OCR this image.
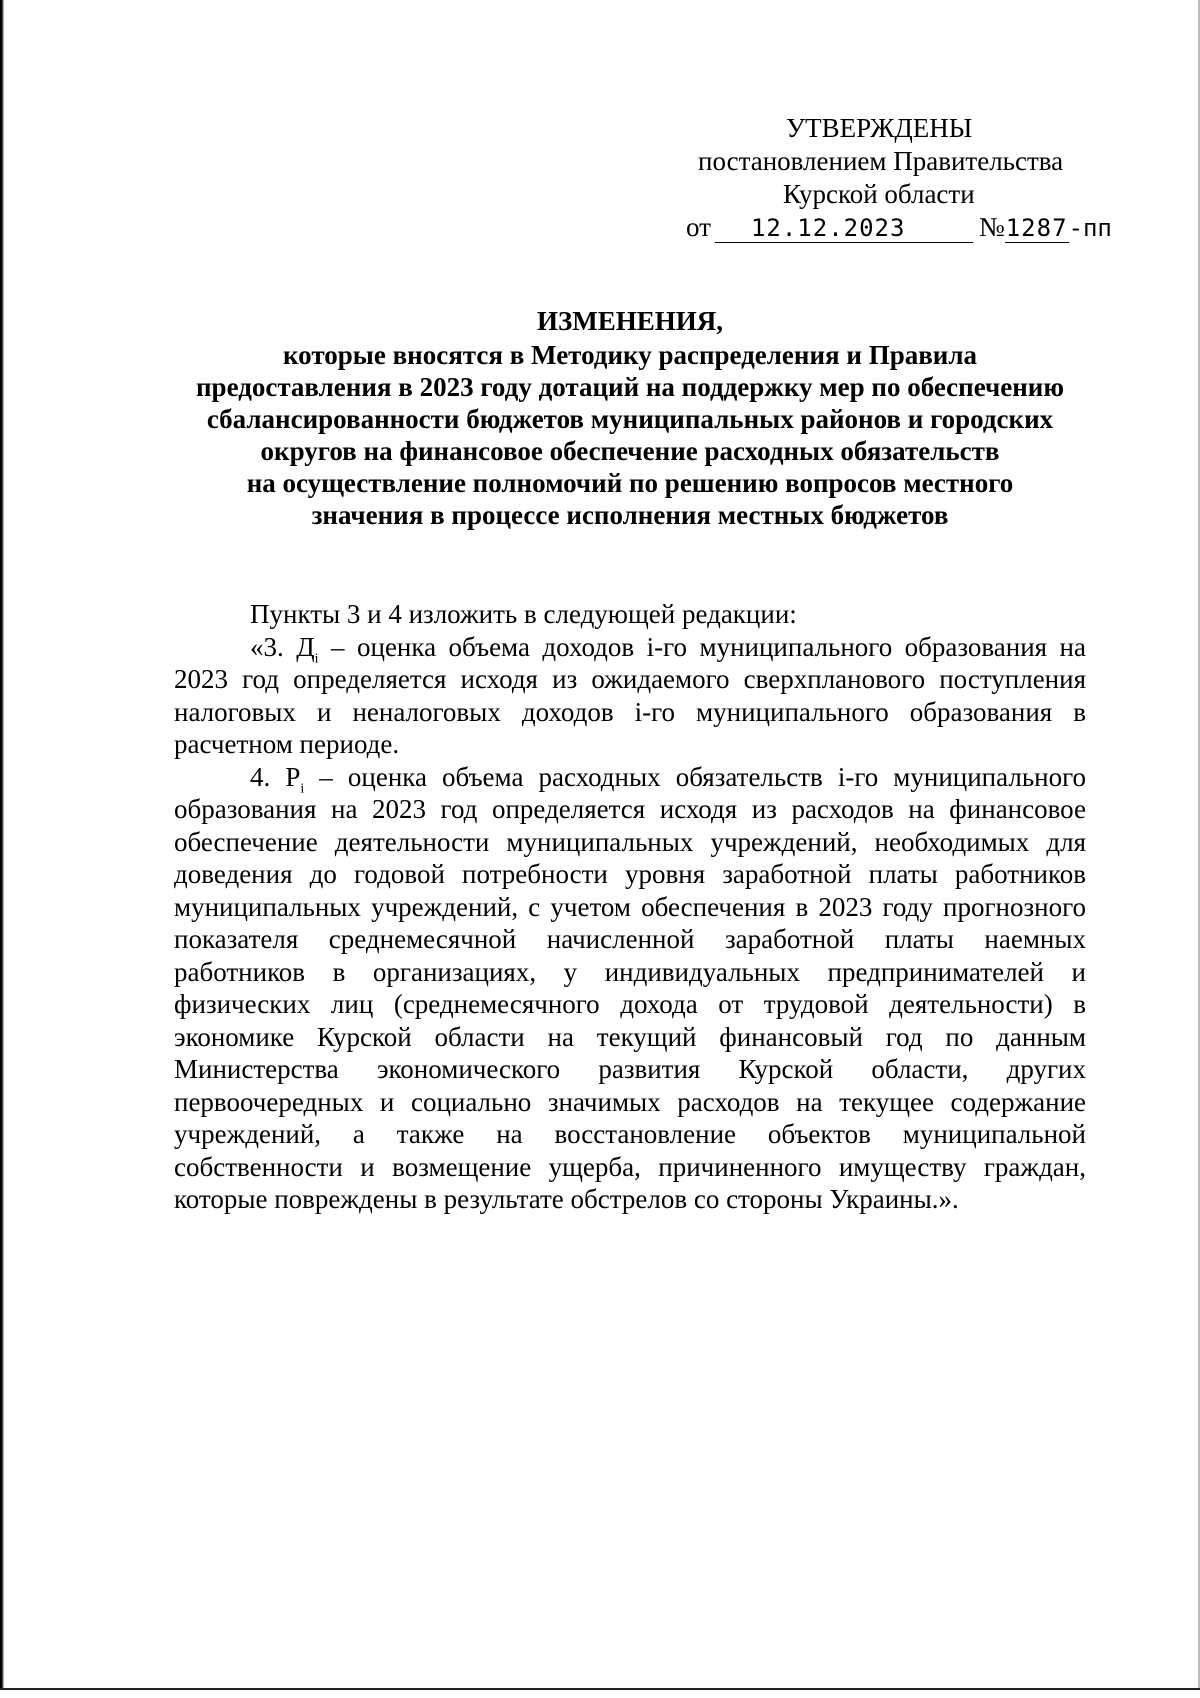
УТВЕРЖДЕНЫ
постановлением Правительства
Курской области
от 12.12.2023	№1287-пп
ИЗМЕНЕНИЯ,
которые вносятся в Методику распределения и Правила
предоставления в 2023 году дотаций на поддержку мер по обеспечению
сбалансированности бюджетов муниципальных районов и городских
округов на финансовое обеспечение расходных обязательств
на осуществление полномочий по решению вопросов местного
значения в процессе исполнения местных бюджетов

Пункты 3 и 4 изложить в следующей редакции:

«3. $Д_i$ – оценка объема доходов i-го муниципального образования на 2023 год определяется исходя из ожидаемого сверхпланового поступления налоговых и неналоговых доходов i-го муниципального образования в расчетном периоде.

4. $Р_i$ – оценка объема расходных обязательств i-го муниципального образования на 2023 год определяется исходя из расходов на финансовое обеспечение деятельности муниципальных учреждений, необходимых для доведения до годовой потребности уровня заработной платы работников муниципальных учреждений, с учетом обеспечения в 2023 году прогнозного показателя среднемесячной начисленной заработной платы наемных работников в организациях, у индивидуальных предпринимателей и физических лиц (среднемесячного дохода от трудовой деятельности) в экономике Курской области на текущий финансовый год по данным Министерства экономического развития Курской области, других первоочередных и социально значимых расходов на текущее содержание учреждений, а также на восстановление объектов муниципальной собственности и возмещение ущерба, причиненного имуществу граждан, которые повреждены в результате обстрелов со стороны Украины.».
